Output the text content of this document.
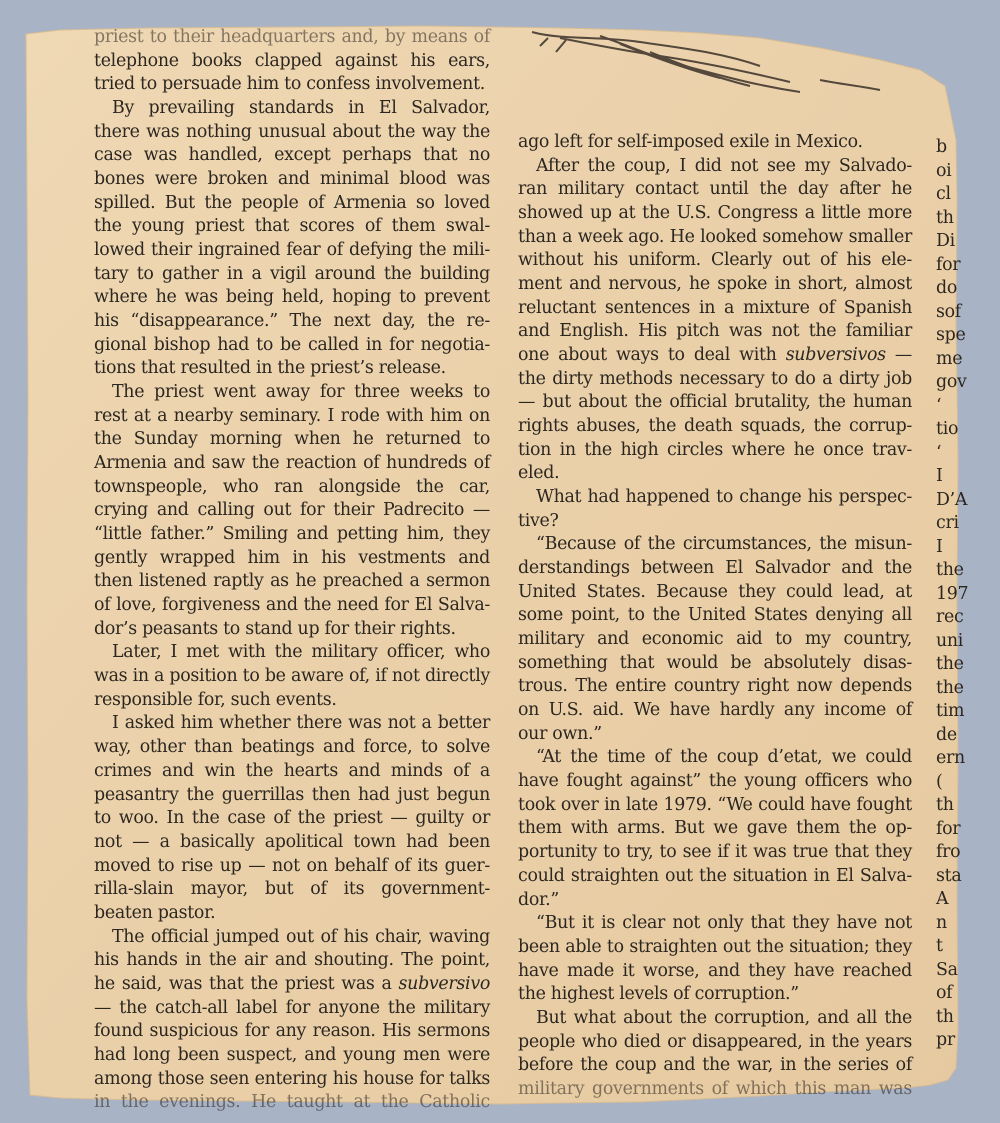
priest to their headquarters and, by means of
telephone books clapped against his ears,
tried to persuade him to confess involvement.

By prevailing standards in El Salvador,
there was nothing unusual about the way the
case was handled, except perhaps that no
bones were broken and minimal blood was
spilled. But the people of Armenia so loved
the young priest that scores of them swal-
lowed their ingrained fear of defying the mili-
tary to gather in a vigil around the building
where he was being held, hoping to prevent
his “disappearance.” The next day, the re-
gional bishop had to be called in for negotia-
tions that resulted in the priest’s release.

The priest went away for three weeks to
rest at a nearby seminary. I rode with him on
the Sunday morning when he returned to
Armenia and saw the reaction of hundreds of
townspeople, who ran alongside the car,
crying and calling out for their Padrecito —
“little father.” Smiling and petting him, they
gently wrapped him in his vestments and
then listened raptly as he preached a sermon
of love, forgiveness and the need for El Salva-
dor’s peasants to stand up for their rights.

Later, I met with the military officer, who
was in a position to be aware of, if not directly
responsible for, such events.

I asked him whether there was not a better
way, other than beatings and force, to solve
crimes and win the hearts and minds of a
peasantry the guerrillas then had just begun
to woo. In the case of the priest — guilty or
not — a basically apolitical town had been
moved to rise up — not on behalf of its guer-
rilla-slain mayor, but of its government-
beaten pastor.

The official jumped out of his chair, waving
his hands in the air and shouting. The point,
he said, was that the priest was a subversivo
— the catch-all label for anyone the military
found suspicious for any reason. His sermons
had long been suspect, and young men were
among those seen entering his house for talks
in the evenings. He taught at the Catholic

ago left for self-imposed exile in Mexico.

After the coup, I did not see my Salvado-
ran military contact until the day after he
showed up at the U.S. Congress a little more
than a week ago. He looked somehow smaller
without his uniform. Clearly out of his ele-
ment and nervous, he spoke in short, almost
reluctant sentences in a mixture of Spanish
and English. His pitch was not the familiar
one about ways to deal with subversivos —
the dirty methods necessary to do a dirty job
— but about the official brutality, the human
rights abuses, the death squads, the corrup-
tion in the high circles where he once trav-
eled.

What had happened to change his perspec-
tive?

“Because of the circumstances, the misun-
derstandings between El Salvador and the
United States. Because they could lead, at
some point, to the United States denying all
military and economic aid to my country,
something that would be absolutely disas-
trous. The entire country right now depends
on U.S. aid. We have hardly any income of
our own.”

“At the time of the coup d’etat, we could
have fought against” the young officers who
took over in late 1979. “We could have fought
them with arms. But we gave them the op-
portunity to try, to see if it was true that they
could straighten out the situation in El Salva-
dor.”

“But it is clear not only that they have not
been able to straighten out the situation; they
have made it worse, and they have reached
the highest levels of corruption.”

But what about the corruption, and all the
people who died or disappeared, in the years
before the coup and the war, in the series of
military governments of which this man was

b
oi
cl
th
Di
for
do
sof
spe
me
gov
‘
tio
‘
I
D’A
cri
I
the
197
rec
uni
the
the
tim
de
ern
(
th
for
fro
sta
A
n
t
Sa
of
th
pr
